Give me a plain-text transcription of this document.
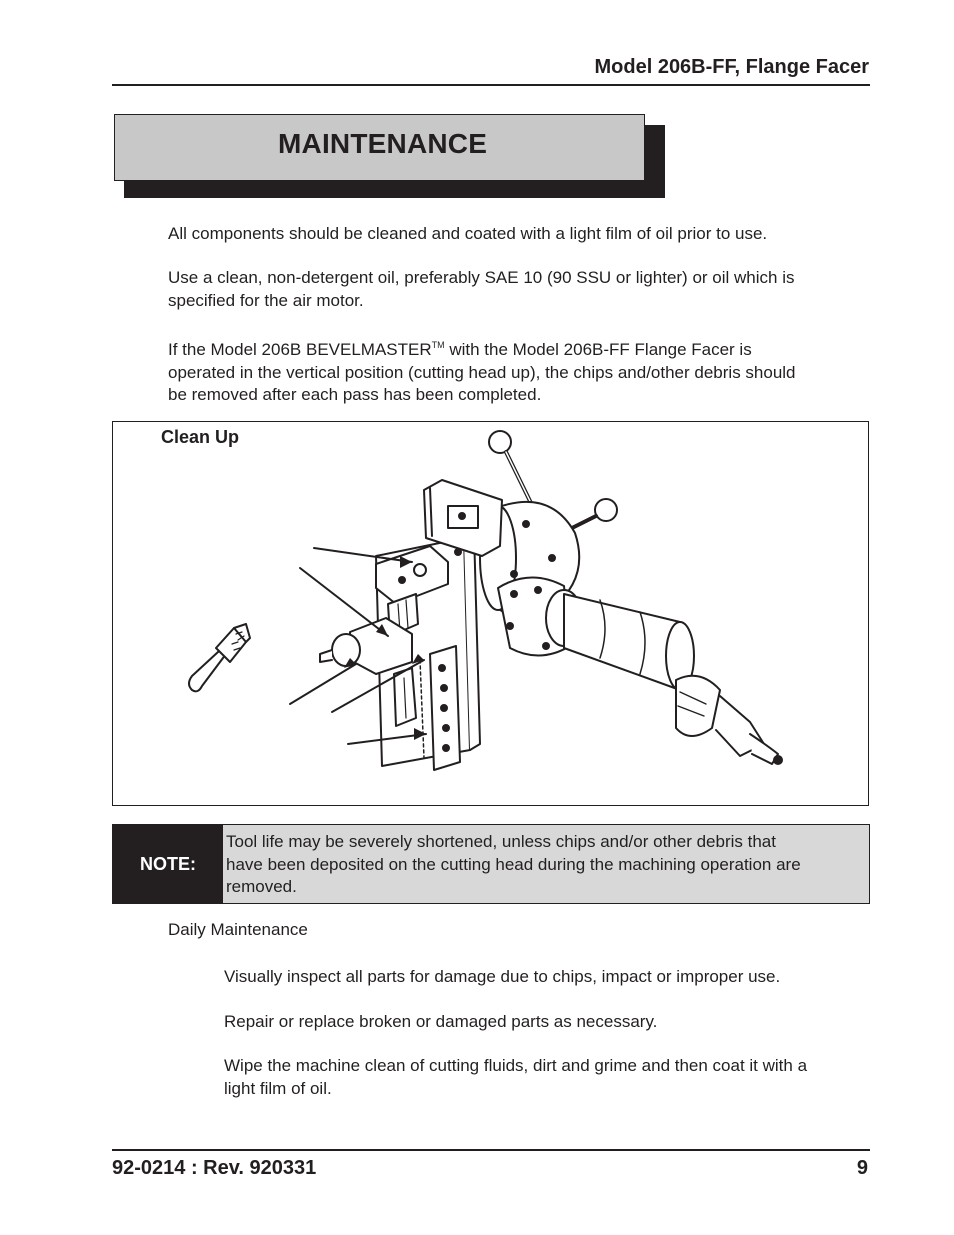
Model 206B-FF, Flange Facer
MAINTENANCE
All components should be cleaned and coated with a light film of oil prior to use.
Use a clean, non-detergent oil, preferably SAE 10 (90 SSU or lighter) or oil which is
specified for the air motor.
If the Model 206B BEVELMASTER™ with the Model 206B-FF Flange Facer is
operated in the vertical position (cutting head up), the chips and/other debris should
be removed after each pass has been completed.
Clean Up
NOTE:
Tool life may be severely shortened, unless chips and/or other debris that
have been deposited on the cutting head during the machining operation are
removed.
Daily Maintenance
Visually inspect all parts for damage due to chips, impact or improper use.
Repair or replace broken or damaged parts as necessary.
Wipe the machine clean of cutting fluids, dirt and grime and then coat it with a
light film of oil.
92-0214 : Rev. 920331	9
